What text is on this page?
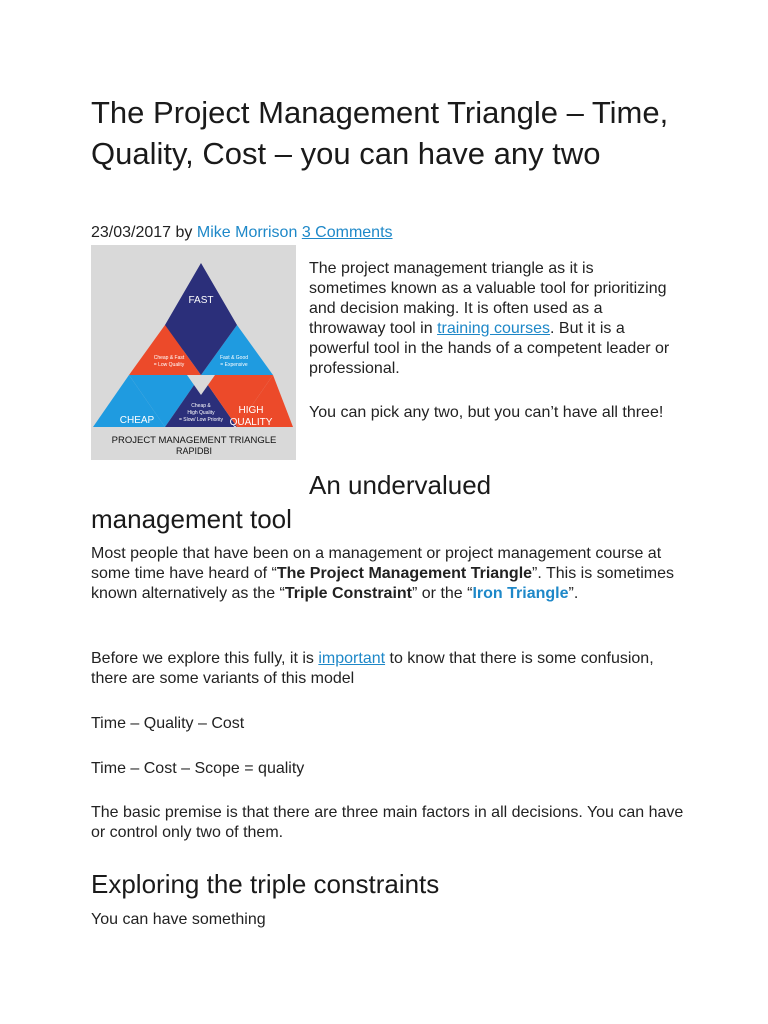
The Project Management Triangle – Time, Quality, Cost – you can have any two
23/03/2017 by Mike Morrison 3 Comments
FAST
Cheap & Fast
= Low Quality
Fast & Good
= Expensive
Cheap &
High Quality
= Slow/ Low Priority
CHEAP
HIGH
QUALITY
PROJECT MANAGEMENT TRIANGLE
RAPIDBI

The project management triangle as it is sometimes known as a valuable tool for prioritizing and decision making. It is often used as a throwaway tool in training courses. But it is a powerful tool in the hands of a competent leader or professional.

You can pick any two, but you can’t have all three!

An undervalued
management tool

Most people that have been on a management or project management course at some time have heard of “The Project Management Triangle”. This is sometimes known alternatively as the “Triple Constraint” or the “Iron Triangle”.

Before we explore this fully, it is important to know that there is some confusion, there are some variants of this model

Time – Quality – Cost

Time – Cost – Scope = quality

The basic premise is that there are three main factors in all decisions. You can have or control only two of them.

Exploring the triple constraints

You can have something
